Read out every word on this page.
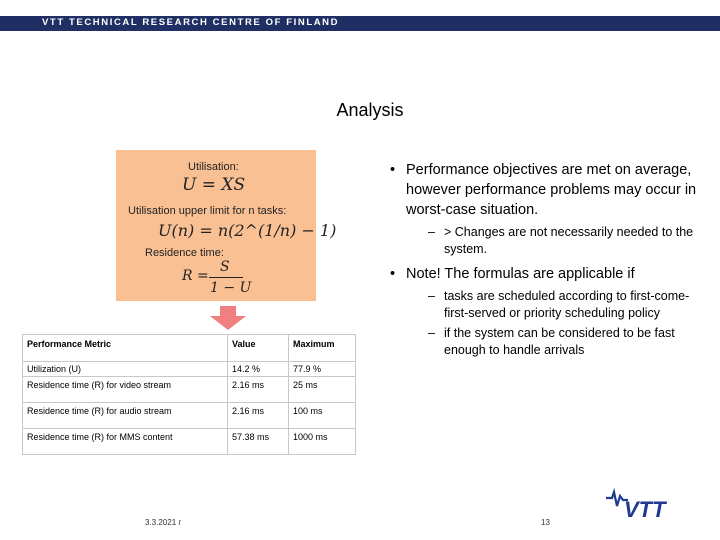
VTT TECHNICAL RESEARCH CENTRE OF FINLAND
Analysis
Utilisation:
U = XS
Utilisation upper limit for n tasks:
U(n) = n(2^(1/n) − 1)
Residence time:
R =
S
1 − U
Performance Metric	Value	Maximum
Utilization (U)	14.2 %	77.9 %
Residence time (R) for video stream	2.16 ms	25 ms
Residence time (R) for audio stream	2.16 ms	100 ms
Residence time (R) for MMS content	57.38 ms	1000 ms
• Performance objectives are met on average, however performance problems may occur in worst-case situation.
– > Changes are not necessarily needed to the system.
• Note! The formulas are applicable if
– tasks are scheduled according to first-come-first-served or priority scheduling policy
– if the system can be considered to be fast enough to handle arrivals
3.3.2021 г	13
VTT
